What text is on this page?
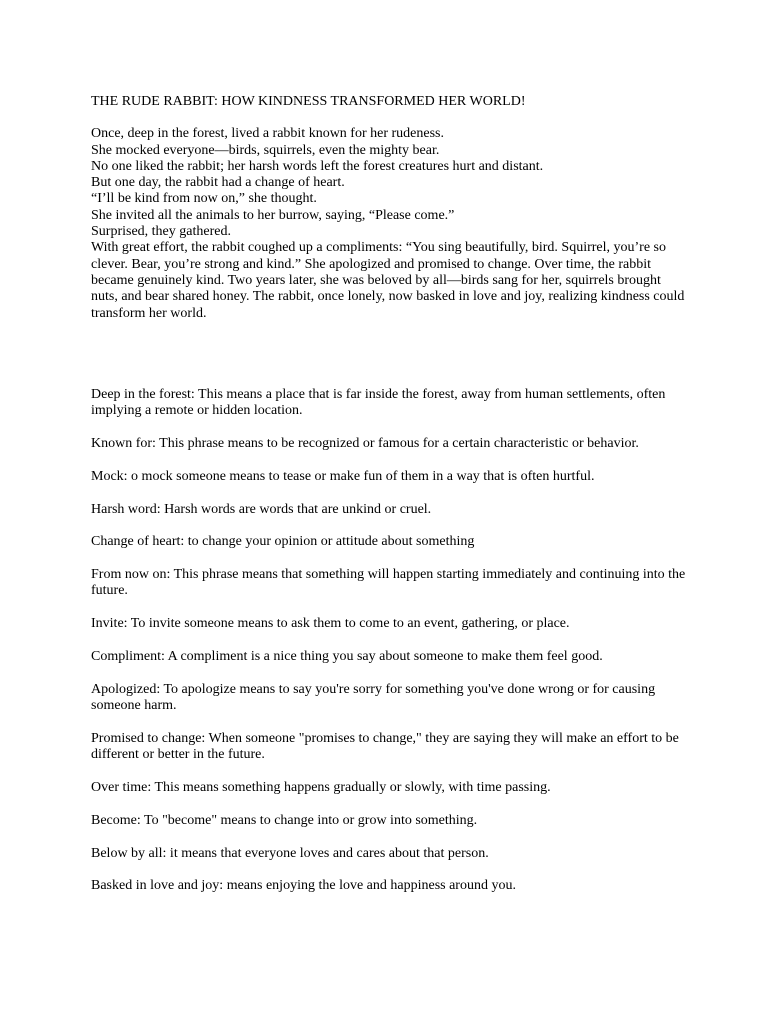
THE RUDE RABBIT: HOW KINDNESS TRANSFORMED HER WORLD!

Once, deep in the forest, lived a rabbit known for her rudeness.

She mocked everyone—birds, squirrels, even the mighty bear.

No one liked the rabbit; her harsh words left the forest creatures hurt and distant.

But one day, the rabbit had a change of heart.

“I’ll be kind from now on,” she thought.

She invited all the animals to her burrow, saying, “Please come.”

Surprised, they gathered.

With great effort, the rabbit coughed up a compliments: “You sing beautifully, bird. Squirrel, you’re so clever. Bear, you’re strong and kind.” She apologized and promised to change. Over time, the rabbit became genuinely kind. Two years later, she was beloved by all—birds sang for her, squirrels brought nuts, and bear shared honey. The rabbit, once lonely, now basked in love and joy, realizing kindness could transform her world.

Deep in the forest: This means a place that is far inside the forest, away from human settlements, often implying a remote or hidden location.

Known for: This phrase means to be recognized or famous for a certain characteristic or behavior.

Mock: o mock someone means to tease or make fun of them in a way that is often hurtful.

Harsh word: Harsh words are words that are unkind or cruel.

Change of heart: to change your opinion or attitude about something

From now on: This phrase means that something will happen starting immediately and continuing into the future.

Invite: To invite someone means to ask them to come to an event, gathering, or place.

Compliment: A compliment is a nice thing you say about someone to make them feel good.

Apologized: To apologize means to say you're sorry for something you've done wrong or for causing someone harm.

Promised to change: When someone "promises to change," they are saying they will make an effort to be different or better in the future.

Over time: This means something happens gradually or slowly, with time passing.

Become: To "become" means to change into or grow into something.

Below by all: it means that everyone loves and cares about that person.

Basked in love and joy: means enjoying the love and happiness around you.
